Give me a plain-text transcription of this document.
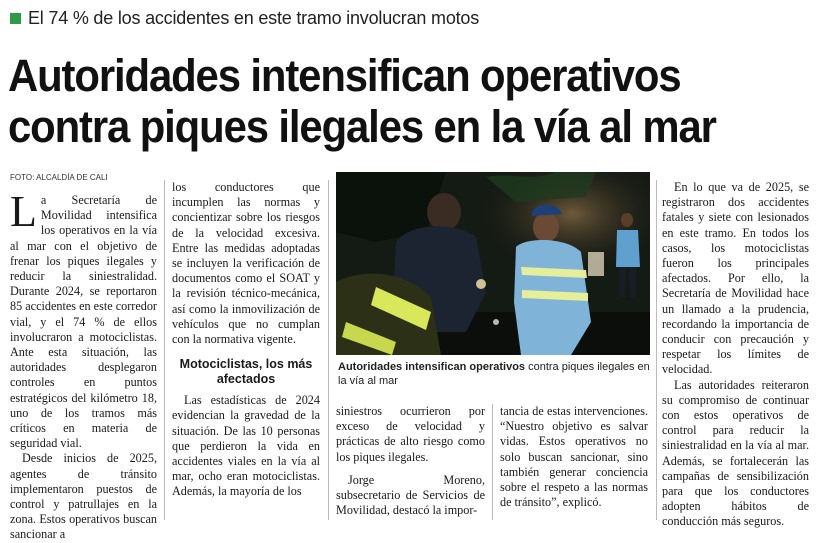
El 74 % de los accidentes en este tramo involucran motos
Autoridades intensifican operativos
contra piques ilegales en la vía al mar
FOTO: ALCALDÍA DE CALI

La Secretaría de Movilidad intensifica los operativos en la vía al mar con el objetivo de frenar los piques ilegales y reducir la siniestralidad. Durante 2024, se reportaron 85 accidentes en este corredor vial, y el 74 % de ellos involucraron a motociclistas. Ante esta situación, las autoridades desplegaron controles en puntos estratégicos del kilómetro 18, uno de los tramos más críticos en materia de seguridad vial.

Desde inicios de 2025, agentes de tránsito implementaron puestos de control y patrullajes en la zona. Estos operativos buscan sancionar a

los conductores que incumplen las normas y concientizar sobre los riesgos de la velocidad excesiva. Entre las medidas adoptadas se incluyen la verificación de documentos como el SOAT y la revisión técnico-mecánica, así como la inmovilización de vehículos que no cumplan con la normativa vigente.

Motociclistas, los más afectados

Las estadísticas de 2024 evidencian la gravedad de la situación. De las 10 personas que perdieron la vida en accidentes viales en la vía al mar, ocho eran motociclistas. Además, la mayoría de los

Autoridades intensifican operativos contra piques ilegales en la vía al mar

siniestros ocurrieron por exceso de velocidad y prácticas de alto riesgo como los piques ilegales.

Jorge Moreno, subsecretario de Servicios de Movilidad, destacó la impor-

tancia de estas intervenciones. “Nuestro objetivo es salvar vidas. Estos operativos no solo buscan sancionar, sino también generar conciencia sobre el respeto a las normas de tránsito”, explicó.

En lo que va de 2025, se registraron dos accidentes fatales y siete con lesionados en este tramo. En todos los casos, los motociclistas fueron los principales afectados. Por ello, la Secretaría de Movilidad hace un llamado a la prudencia, recordando la importancia de conducir con precaución y respetar los límites de velocidad.

Las autoridades reiteraron su compromiso de continuar con estos operativos de control para reducir la siniestralidad en la vía al mar. Además, se fortalecerán las campañas de sensibilización para que los conductores adopten hábitos de conducción más seguros.
